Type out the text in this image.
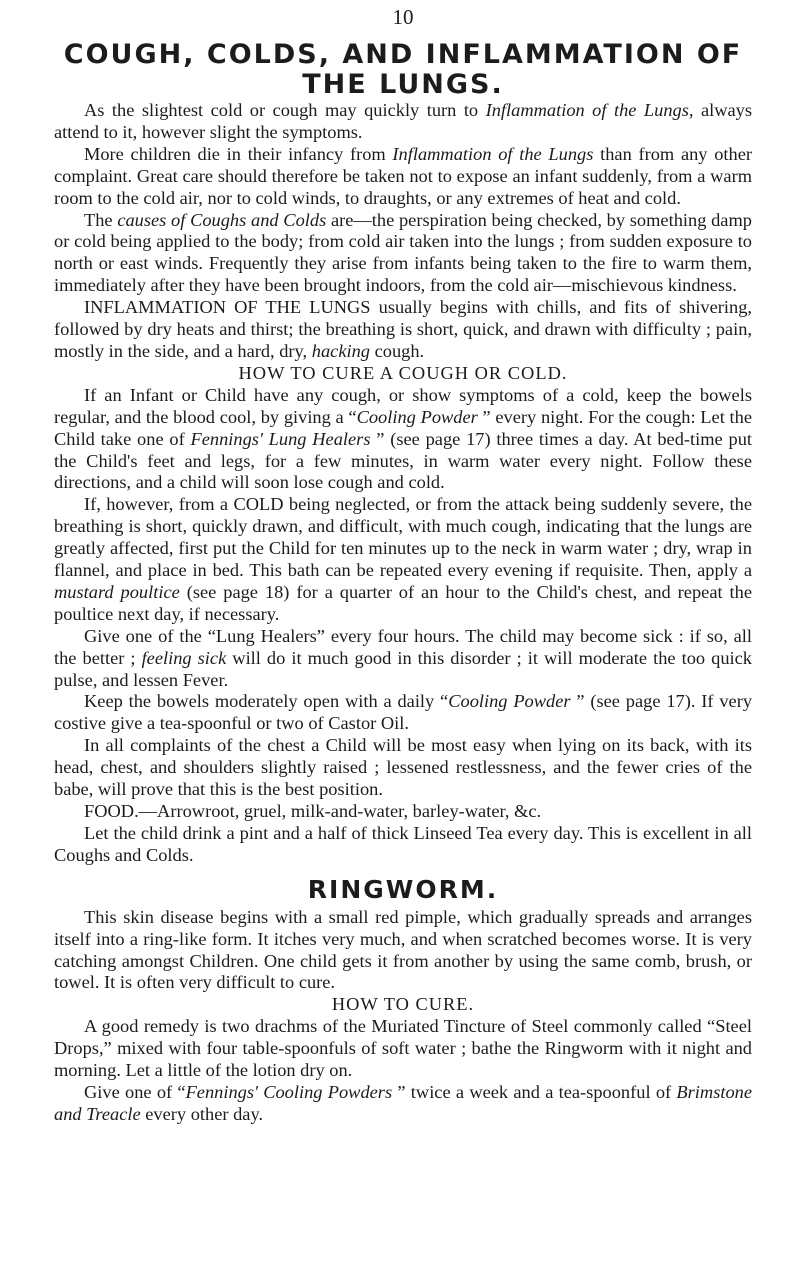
10

COUGH, COLDS, AND INFLAMMATION OF
THE LUNGS.

As the slightest cold or cough may quickly turn to Inflammation of the Lungs, always attend to it, however slight the symptoms.

More children die in their infancy from Inflammation of the Lungs than from any other complaint. Great care should therefore be taken not to expose an infant suddenly, from a warm room to the cold air, nor to cold winds, to draughts, or any extremes of heat and cold.

The causes of Coughs and Colds are—the perspiration being checked, by something damp or cold being applied to the body; from cold air taken into the lungs ; from sudden exposure to north or east winds. Frequently they arise from infants being taken to the fire to warm them, immediately after they have been brought indoors, from the cold air—mischievous kindness.

INFLAMMATION OF THE LUNGS usually begins with chills, and fits of shivering, followed by dry heats and thirst; the breathing is short, quick, and drawn with difficulty ; pain, mostly in the side, and a hard, dry, hacking cough.

HOW TO CURE A COUGH OR COLD.

If an Infant or Child have any cough, or show symptoms of a cold, keep the bowels regular, and the blood cool, by giving a “Cooling Powder ” every night. For the cough: Let the Child take one of Fennings' Lung Healers ” (see page 17) three times a day. At bed-time put the Child's feet and legs, for a few minutes, in warm water every night. Follow these directions, and a child will soon lose cough and cold.

If, however, from a COLD being neglected, or from the attack being suddenly severe, the breathing is short, quickly drawn, and difficult, with much cough, indicating that the lungs are greatly affected, first put the Child for ten minutes up to the neck in warm water ; dry, wrap in flannel, and place in bed. This bath can be repeated every evening if requisite. Then, apply a mustard poultice (see page 18) for a quarter of an hour to the Child's chest, and repeat the poultice next day, if necessary.

Give one of the “Lung Healers” every four hours. The child may become sick : if so, all the better ; feeling sick will do it much good in this disorder ; it will moderate the too quick pulse, and lessen Fever.

Keep the bowels moderately open with a daily “Cooling Powder ” (see page 17). If very costive give a tea-spoonful or two of Castor Oil.

In all complaints of the chest a Child will be most easy when lying on its back, with its head, chest, and shoulders slightly raised ; lessened restlessness, and the fewer cries of the babe, will prove that this is the best position.

FOOD.—Arrowroot, gruel, milk-and-water, barley-water, &c.

Let the child drink a pint and a half of thick Linseed Tea every day. This is excellent in all Coughs and Colds.

RINGWORM.

This skin disease begins with a small red pimple, which gradually spreads and arranges itself into a ring-like form. It itches very much, and when scratched becomes worse. It is very catching amongst Children. One child gets it from another by using the same comb, brush, or towel. It is often very difficult to cure.

HOW TO CURE.

A good remedy is two drachms of the Muriated Tincture of Steel commonly called “Steel Drops,” mixed with four table-spoonfuls of soft water ; bathe the Ringworm with it night and morning. Let a little of the lotion dry on.

Give one of “Fennings' Cooling Powders ” twice a week and a tea-spoonful of Brimstone and Treacle every other day.
